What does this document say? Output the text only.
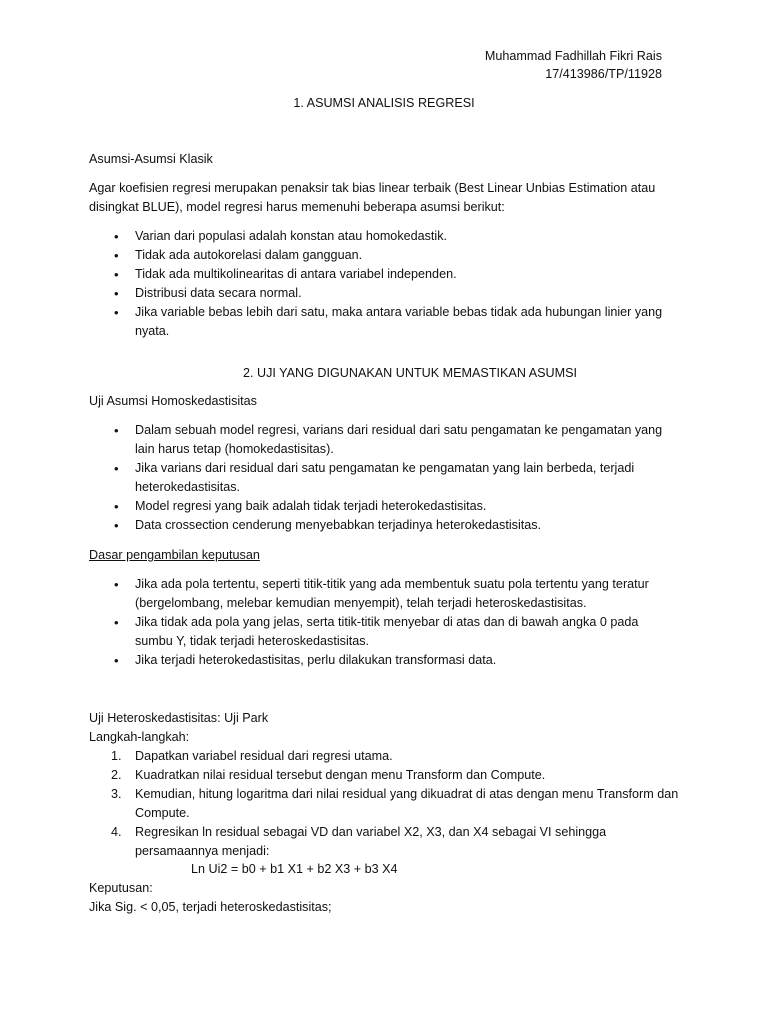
Muhammad Fadhillah Fikri Rais
17/413986/TP/11928
1. ASUMSI ANALISIS REGRESI
Asumsi-Asumsi Klasik
Agar koefisien regresi merupakan penaksir tak bias linear terbaik (Best Linear Unbias Estimation atau disingkat BLUE), model regresi harus memenuhi beberapa asumsi berikut:
• Varian dari populasi adalah konstan atau homokedastik.
• Tidak ada autokorelasi dalam gangguan.
• Tidak ada multikolinearitas di antara variabel independen.
• Distribusi data secara normal.
• Jika variable bebas lebih dari satu, maka antara variable bebas tidak ada hubungan linier yang nyata.
2. UJI YANG DIGUNAKAN UNTUK MEMASTIKAN ASUMSI
Uji Asumsi Homoskedastisitas
• Dalam sebuah model regresi, varians dari residual dari satu pengamatan ke pengamatan yang lain harus tetap (homokedastisitas).
• Jika varians dari residual dari satu pengamatan ke pengamatan yang lain berbeda, terjadi heterokedastisitas.
• Model regresi yang baik adalah tidak terjadi heterokedastisitas.
• Data crossection cenderung menyebabkan terjadinya heterokedastisitas.
Dasar pengambilan keputusan
• Jika ada pola tertentu, seperti titik-titik yang ada membentuk suatu pola tertentu yang teratur (bergelombang, melebar kemudian menyempit), telah terjadi heteroskedastisitas.
• Jika tidak ada pola yang jelas, serta titik-titik menyebar di atas dan di bawah angka 0 pada sumbu Y, tidak terjadi heteroskedastisitas.
• Jika terjadi heterokedastisitas, perlu dilakukan transformasi data.
Uji Heteroskedastisitas: Uji Park
Langkah-langkah:
1. Dapatkan variabel residual dari regresi utama.
2. Kuadratkan nilai residual tersebut dengan menu Transform dan Compute.
3. Kemudian, hitung logaritma dari nilai residual yang dikuadrat di atas dengan menu Transform dan Compute.
4. Regresikan ln residual sebagai VD dan variabel X2, X3, dan X4 sebagai VI sehingga persamaannya menjadi:
Ln Ui2 = b0 + b1 X1 + b2 X3 + b3 X4
Keputusan:
Jika Sig. < 0,05, terjadi heteroskedastisitas;
